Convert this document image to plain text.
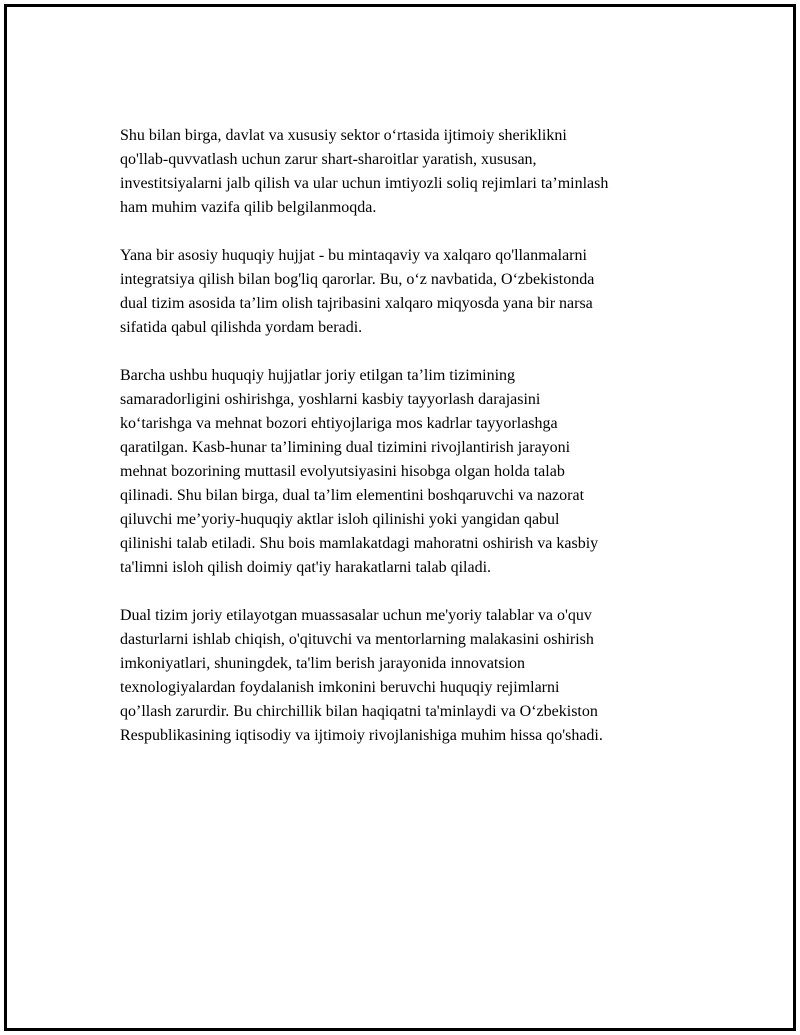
Shu bilan birga, davlat va xususiy sektor o‘rtasida ijtimoiy sheriklikni
qo'llab-quvvatlash uchun zarur shart-sharoitlar yaratish, xususan,
investitsiyalarni jalb qilish va ular uchun imtiyozli soliq rejimlari ta’minlash
ham muhim vazifa qilib belgilanmoqda.

Yana bir asosiy huquqiy hujjat - bu mintaqaviy va xalqaro qo'llanmalarni
integratsiya qilish bilan bog'liq qarorlar. Bu, o‘z navbatida, O‘zbekistonda
dual tizim asosida ta’lim olish tajribasini xalqaro miqyosda yana bir narsa
sifatida qabul qilishda yordam beradi.

Barcha ushbu huquqiy hujjatlar joriy etilgan ta’lim tizimining
samaradorligini oshirishga, yoshlarni kasbiy tayyorlash darajasini
ko‘tarishga va mehnat bozori ehtiyojlariga mos kadrlar tayyorlashga
qaratilgan. Kasb-hunar ta’limining dual tizimini rivojlantirish jarayoni
mehnat bozorining muttasil evolyutsiyasini hisobga olgan holda talab
qilinadi. Shu bilan birga, dual ta’lim elementini boshqaruvchi va nazorat
qiluvchi me’yoriy-huquqiy aktlar isloh qilinishi yoki yangidan qabul
qilinishi talab etiladi. Shu bois mamlakatdagi mahoratni oshirish va kasbiy
ta'limni isloh qilish doimiy qat'iy harakatlarni talab qiladi.

Dual tizim joriy etilayotgan muassasalar uchun me'yoriy talablar va o'quv
dasturlarni ishlab chiqish, o'qituvchi va mentorlarning malakasini oshirish
imkoniyatlari, shuningdek, ta'lim berish jarayonida innovatsion
texnologiyalardan foydalanish imkonini beruvchi huquqiy rejimlarni
qo’llash zarurdir. Bu chirchillik bilan haqiqatni ta'minlaydi va O‘zbekiston
Respublikasining iqtisodiy va ijtimoiy rivojlanishiga muhim hissa qo'shadi.
